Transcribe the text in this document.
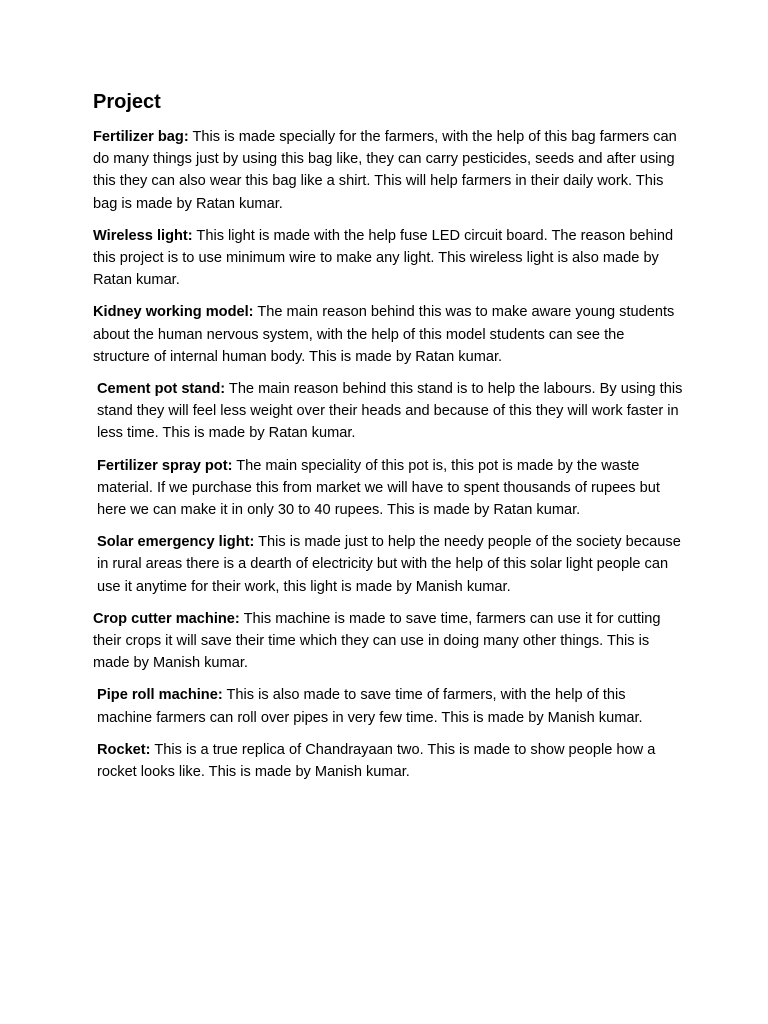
Project

Fertilizer bag: This is made specially for the farmers, with the help of this bag farmers can do many things just by using this bag like, they can carry pesticides, seeds and after using this they can also wear this bag like a shirt. This will help farmers in their daily work. This bag is made by Ratan kumar.

Wireless light: This light is made with the help fuse LED circuit board. The reason behind this project is to use minimum wire to make any light. This wireless light is also made by Ratan kumar.

Kidney working model: The main reason behind this was to make aware young students about the human nervous system, with the help of this model students can see the structure of internal human body. This is made by Ratan kumar.

Cement pot stand: The main reason behind this stand is to help the labours. By using this stand they will feel less weight over their heads and because of this they will work faster in less time. This is made by Ratan kumar.

Fertilizer spray pot: The main speciality of this pot is, this pot is made by the waste material. If we purchase this from market we will have to spent thousands of rupees but here we can make it in only 30 to 40 rupees. This is made by Ratan kumar.

Solar emergency light: This is made just to help the needy people of the society because in rural areas there is a dearth of electricity but with the help of this solar light people can use it anytime for their work, this light is made by Manish kumar.

Crop cutter machine: This machine is made to save time, farmers can use it for cutting their crops it will save their time which they can use in doing many other things. This is made by Manish kumar.

Pipe roll machine: This is also made to save time of farmers, with the help of this machine farmers can roll over pipes in very few time. This is made by Manish kumar.

Rocket: This is a true replica of Chandrayaan two. This is made to show people how a rocket looks like. This is made by Manish kumar.
